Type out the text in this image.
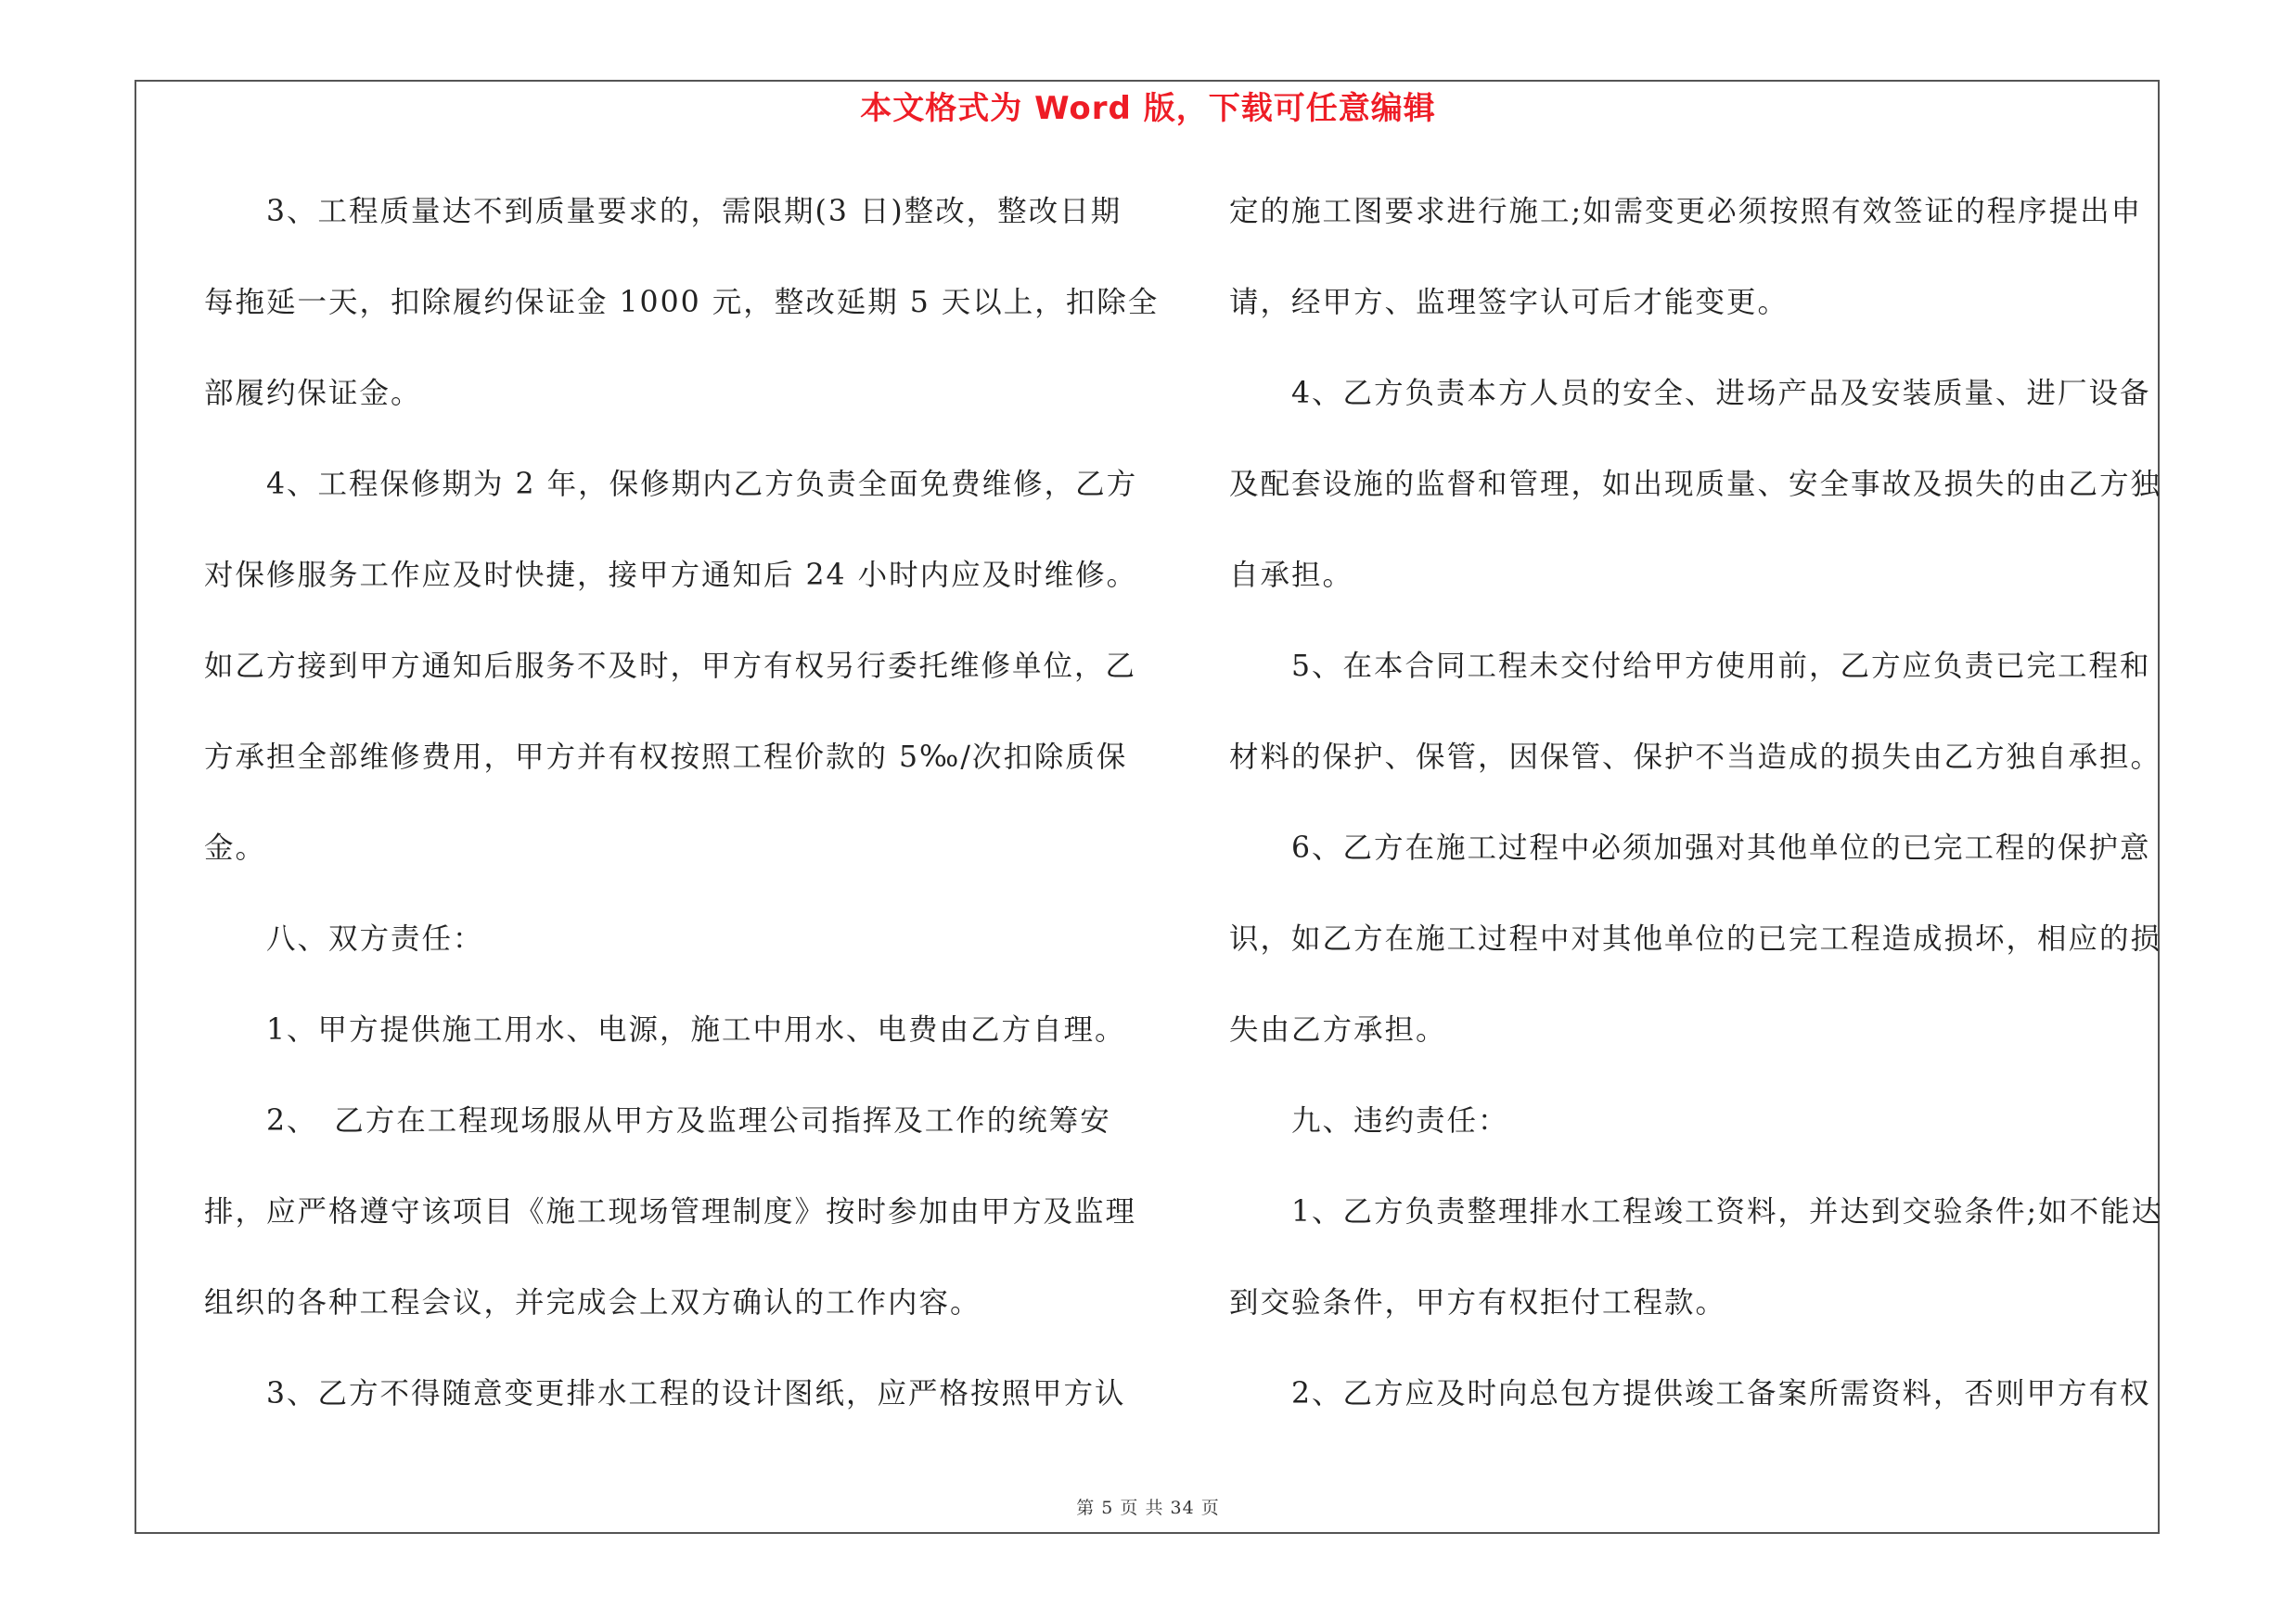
本文格式为 Word 版，下载可任意编辑
　　3、工程质量达不到质量要求的，需限期(3 日)整改，整改日期
每拖延一天，扣除履约保证金 1000 元，整改延期 5 天以上，扣除全
部履约保证金。
　　4、工程保修期为 2 年，保修期内乙方负责全面免费维修，乙方
对保修服务工作应及时快捷，接甲方通知后 24 小时内应及时维修。
如乙方接到甲方通知后服务不及时，甲方有权另行委托维修单位，乙
方承担全部维修费用，甲方并有权按照工程价款的 5‰/次扣除质保
金。
　　八、双方责任：
　　1、甲方提供施工用水、电源，施工中用水、电费由乙方自理。
　　2、　乙方在工程现场服从甲方及监理公司指挥及工作的统筹安
排，应严格遵守该项目《施工现场管理制度》按时参加由甲方及监理
组织的各种工程会议，并完成会上双方确认的工作内容。
　　3、乙方不得随意变更排水工程的设计图纸，应严格按照甲方认
定的施工图要求进行施工;如需变更必须按照有效签证的程序提出申
请，经甲方、监理签字认可后才能变更。
　　4、乙方负责本方人员的安全、进场产品及安装质量、进厂设备
及配套设施的监督和管理，如出现质量、安全事故及损失的由乙方独
自承担。
　　5、在本合同工程未交付给甲方使用前，乙方应负责已完工程和
材料的保护、保管，因保管、保护不当造成的损失由乙方独自承担。
　　6、乙方在施工过程中必须加强对其他单位的已完工程的保护意
识，如乙方在施工过程中对其他单位的已完工程造成损坏，相应的损
失由乙方承担。
　　九、违约责任：
　　1、乙方负责整理排水工程竣工资料，并达到交验条件;如不能达
到交验条件，甲方有权拒付工程款。
　　2、乙方应及时向总包方提供竣工备案所需资料，否则甲方有权
第 5 页 共 34 页
